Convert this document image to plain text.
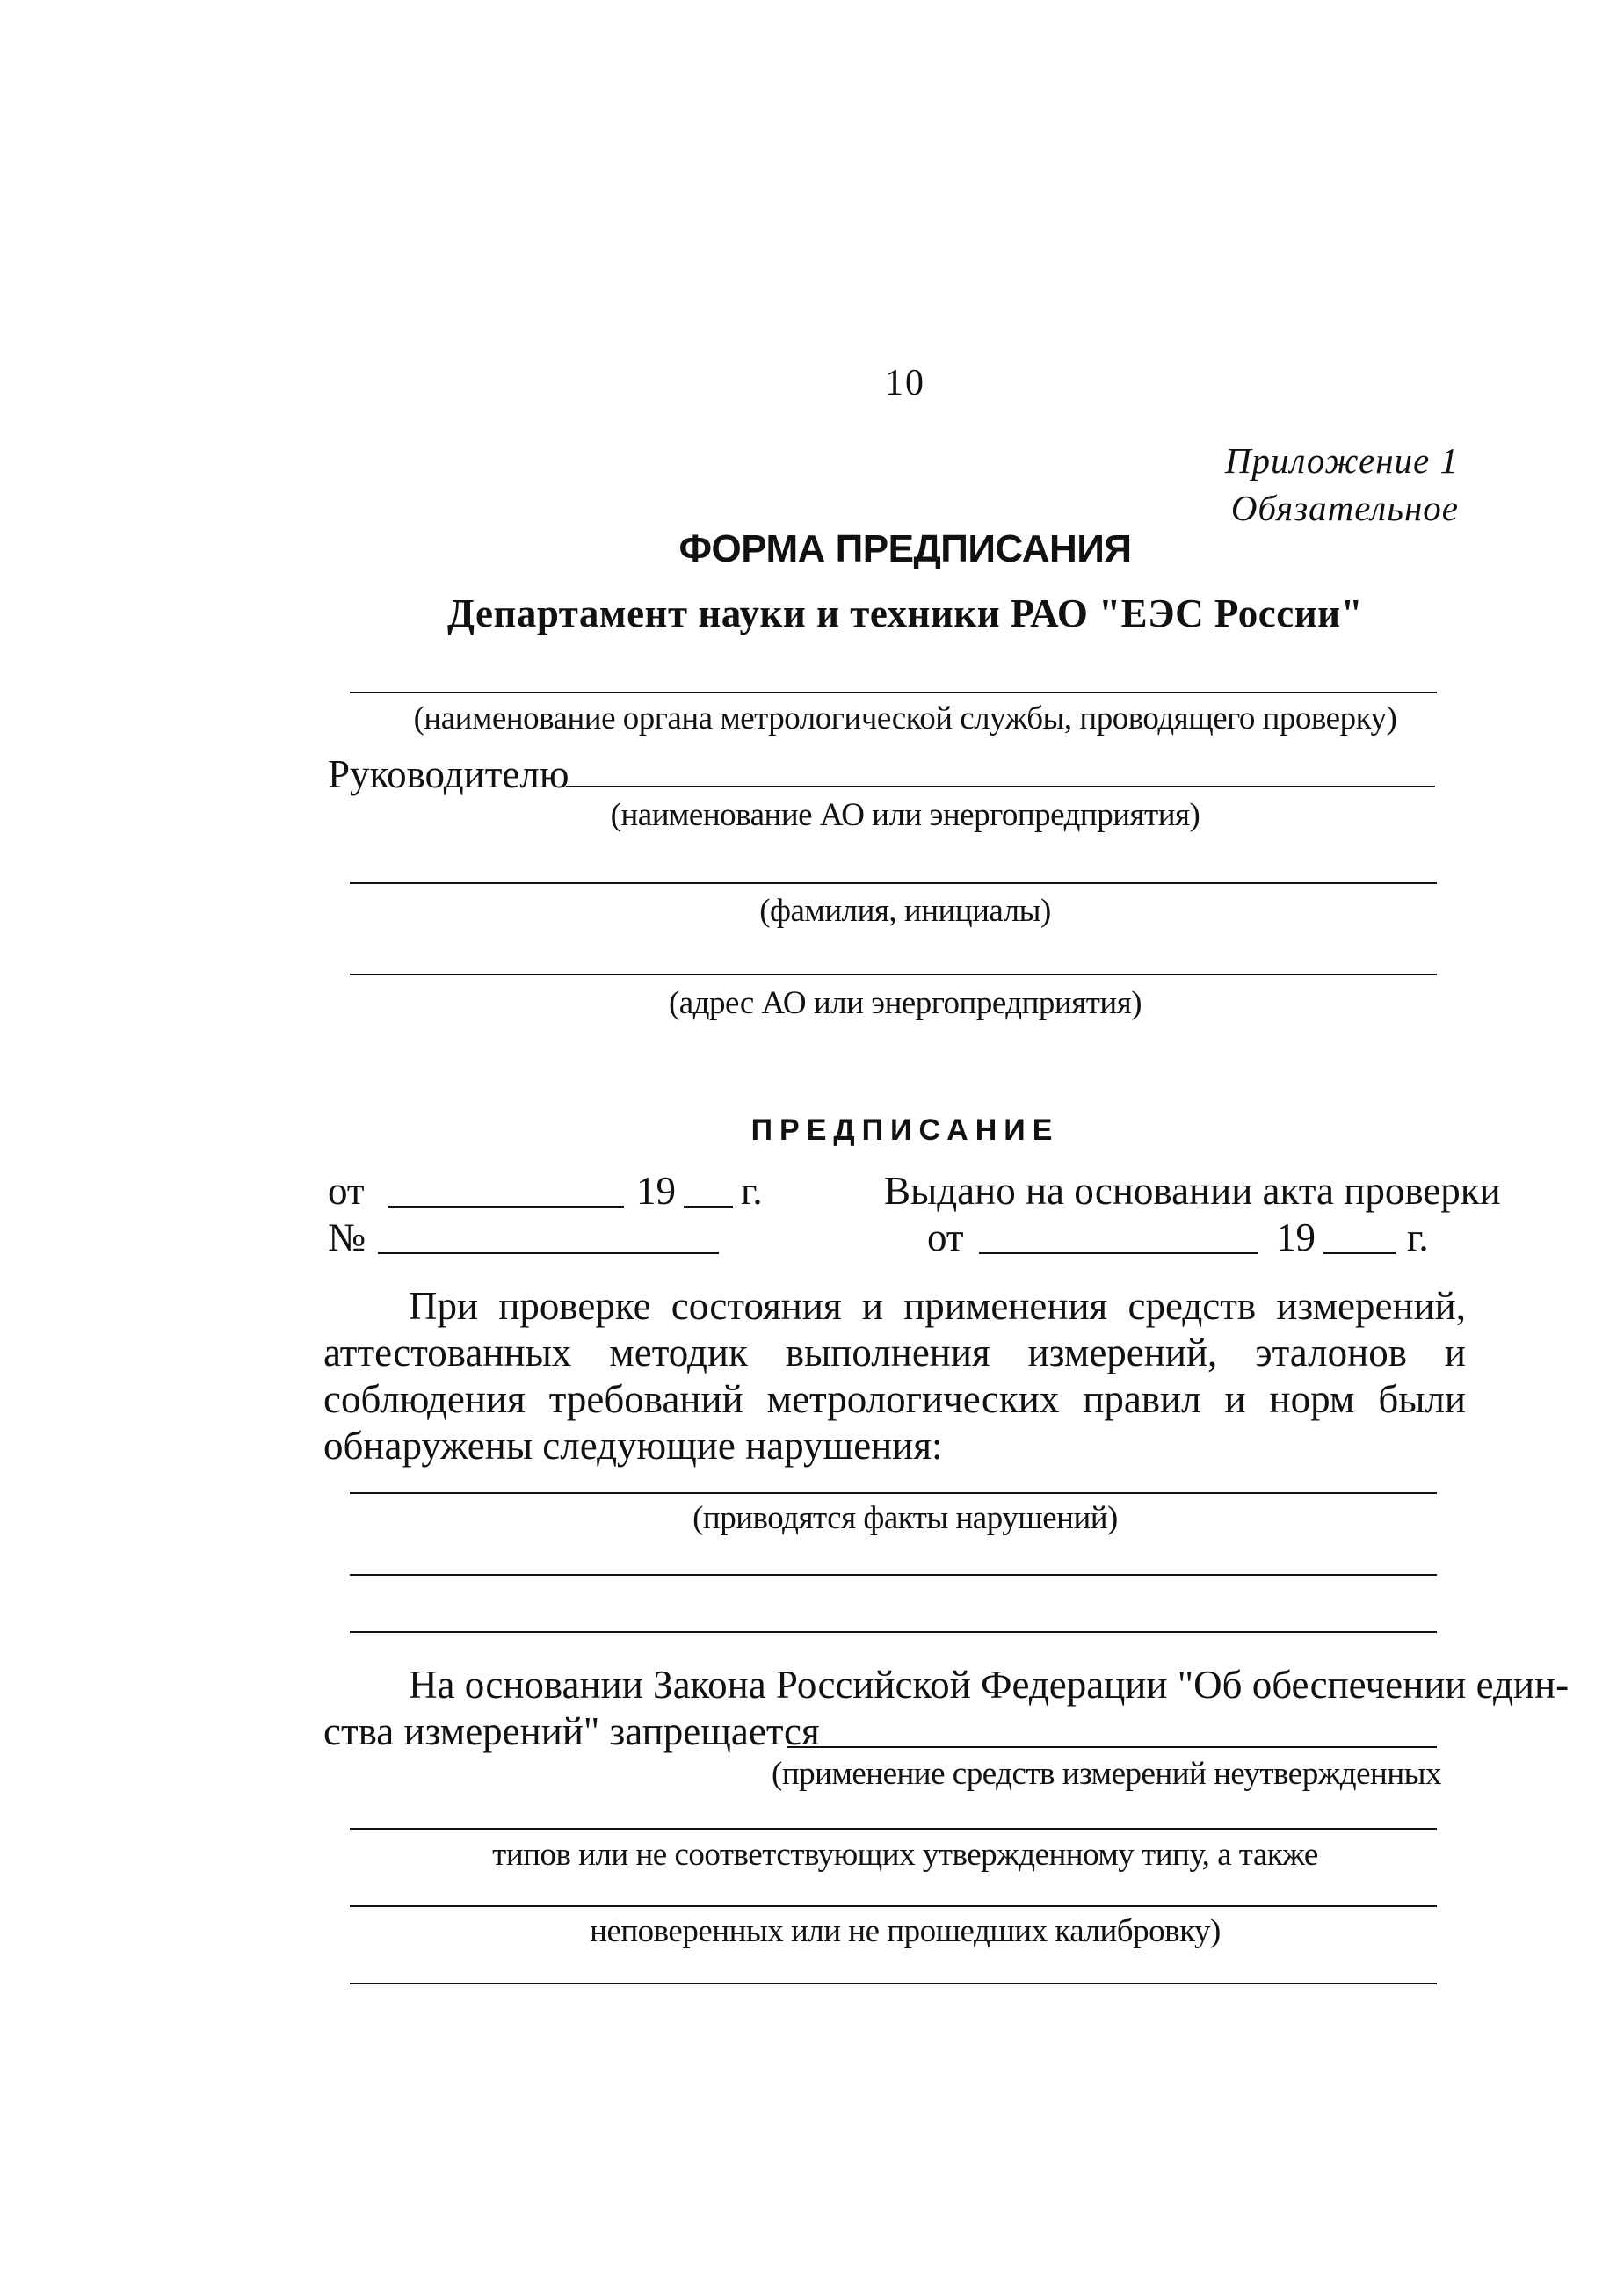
10
Приложение 1
Обязательное
ФОРМА ПРЕДПИСАНИЯ
Департамент науки и техники РАО "ЕЭС России"
(наименование органа метрологической службы, проводящего проверку)
Руководителю
(наименование АО или энергопредприятия)
(фамилия, инициалы)
(адрес АО или энергопредприятия)
ПРЕДПИСАНИЕ
от	19 г.	Выдано на основании акта проверки
№	от	19 г.
При проверке состояния и применения средств измерений, аттестованных методик выполнения измерений, эталонов и соблюдения требований метрологических правил и норм были обнаружены следующие нарушения:
(приводятся факты нарушений)
На основании Закона Российской Федерации "Об обеспечении един-
ства измерений" запрещается
(применение средств измерений неутвержденных
типов или не соответствующих утвержденному типу, а также
неповеренных или не прошедших калибровку)
